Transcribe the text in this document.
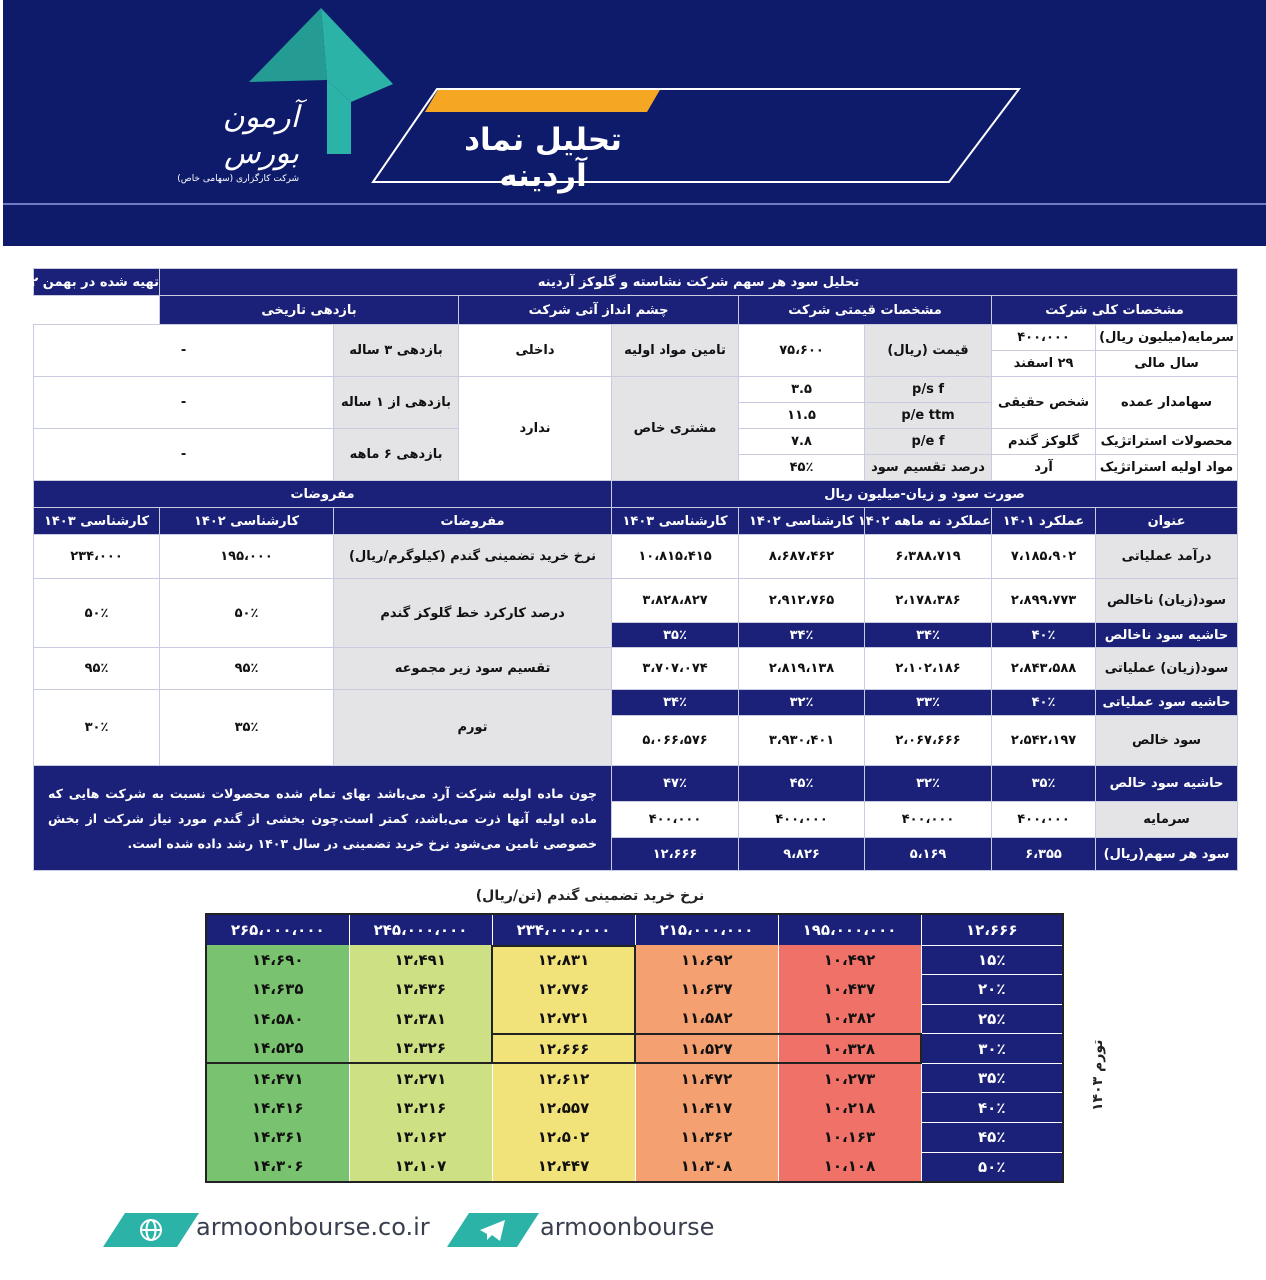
تحلیل نماد آردینه
آرمون بورس
شرکت کارگزاری (سهامی خاص)
تحلیل سود هر سهم شرکت نشاسته و گلوکز آردینه								تهیه شده در بهمن ۱۴۰۲
مشخصات کلی شرکت		مشخصات قیمتی شرکت		چشم انداز آتی شرکت		بازدهی تاریخی	
سرمایه(میلیون ریال)	۴۰۰،۰۰۰	قیمت (ریال)	۷۵،۶۰۰	تامین مواد اولیه	داخلی	بازدهی ۳ ساله	-	
سال مالی	۲۹ اسفند							
سهامدار عمده	شخص حقیقی	p/s f	۳.۵	مشتری خاص	ندارد	بازدهی از ۱ ساله	-	
		p/e ttm	۱۱.۵					
محصولات استراتژیک	گلوکز گندم	p/e f	۷.۸			بازدهی ۶ ماهه	-	
مواد اولیه استراتژیک	آرد	درصد تقسیم سود	۴۵٪					
صورت سود و زیان-میلیون ریال					مفروضات			
عنوان	عملکرد ۱۴۰۱	عملکرد نه ماهه ۱۴۰۲	کارشناسی ۱۴۰۲	کارشناسی ۱۴۰۳	مفروضات		کارشناسی ۱۴۰۲	کارشناسی ۱۴۰۳
درآمد عملیاتی	۷،۱۸۵،۹۰۲	۶،۳۸۸،۷۱۹	۸،۶۸۷،۴۶۲	۱۰،۸۱۵،۴۱۵	نرخ خرید تضمینی گندم (کیلوگرم/ریال)		۱۹۵،۰۰۰	۲۳۴،۰۰۰
سود(زیان) ناخالص	۲،۸۹۹،۷۷۳	۲،۱۷۸،۳۸۶	۲،۹۱۲،۷۶۵	۳،۸۲۸،۸۲۷	درصد کارکرد خط گلوکز گندم		۵۰٪	۵۰٪
حاشیه سود ناخالص	۴۰٪	۳۴٪	۳۴٪	۳۵٪				
سود(زیان) عملیاتی	۲،۸۴۳،۵۸۸	۲،۱۰۲،۱۸۶	۲،۸۱۹،۱۳۸	۳،۷۰۷،۰۷۴	تقسیم سود زیر مجموعه		۹۵٪	۹۵٪
حاشیه سود عملیاتی	۴۰٪	۳۳٪	۳۲٪	۳۴٪	تورم		۳۵٪	۳۰٪
سود خالص	۲،۵۴۲،۱۹۷	۲،۰۶۷،۶۶۶	۳،۹۳۰،۴۰۱	۵،۰۶۶،۵۷۶				
حاشیه سود خالص	۳۵٪	۳۲٪	۴۵٪	۴۷٪	چون ماده اولیه شرکت آرد می‌باشد بهای تمام شده محصولات نسبت به شرکت هایی که ماده اولیه آنها ذرت می‌باشد، کمتر است.چون بخشی از گندم مورد نیاز شرکت از بخش خصوصی تامین می‌شود نرخ خرید تضمینی در سال ۱۴۰۳ رشد داده شده است.			
سرمایه	۴۰۰،۰۰۰	۴۰۰،۰۰۰	۴۰۰،۰۰۰	۴۰۰،۰۰۰				
سود هر سهم(ریال)	۶،۳۵۵	۵،۱۶۹	۹،۸۲۶	۱۲،۶۶۶				
نرخ خرید تضمینی گندم (تن/ریال)
۲۶۵،۰۰۰،۰۰۰	۲۴۵،۰۰۰،۰۰۰	۲۳۴،۰۰۰،۰۰۰	۲۱۵،۰۰۰،۰۰۰	۱۹۵،۰۰۰،۰۰۰	۱۲،۶۶۶
۱۴،۶۹۰	۱۳،۴۹۱	۱۲،۸۳۱	۱۱،۶۹۲	۱۰،۴۹۲	۱۵٪
۱۴،۶۳۵	۱۳،۴۳۶	۱۲،۷۷۶	۱۱،۶۳۷	۱۰،۴۳۷	۲۰٪
۱۴،۵۸۰	۱۳،۳۸۱	۱۲،۷۲۱	۱۱،۵۸۲	۱۰،۳۸۲	۲۵٪
۱۴،۵۲۵	۱۳،۳۲۶	۱۲،۶۶۶	۱۱،۵۲۷	۱۰،۳۲۸	۳۰٪
۱۴،۴۷۱	۱۳،۲۷۱	۱۲،۶۱۲	۱۱،۴۷۲	۱۰،۲۷۳	۳۵٪
۱۴،۴۱۶	۱۳،۲۱۶	۱۲،۵۵۷	۱۱،۴۱۷	۱۰،۲۱۸	۴۰٪
۱۴،۳۶۱	۱۳،۱۶۲	۱۲،۵۰۲	۱۱،۳۶۲	۱۰،۱۶۳	۴۵٪
۱۴،۳۰۶	۱۳،۱۰۷	۱۲،۴۴۷	۱۱،۳۰۸	۱۰،۱۰۸	۵۰٪
تورم ۱۴۰۳
armoonbourse.co.ir	armoonbourse
